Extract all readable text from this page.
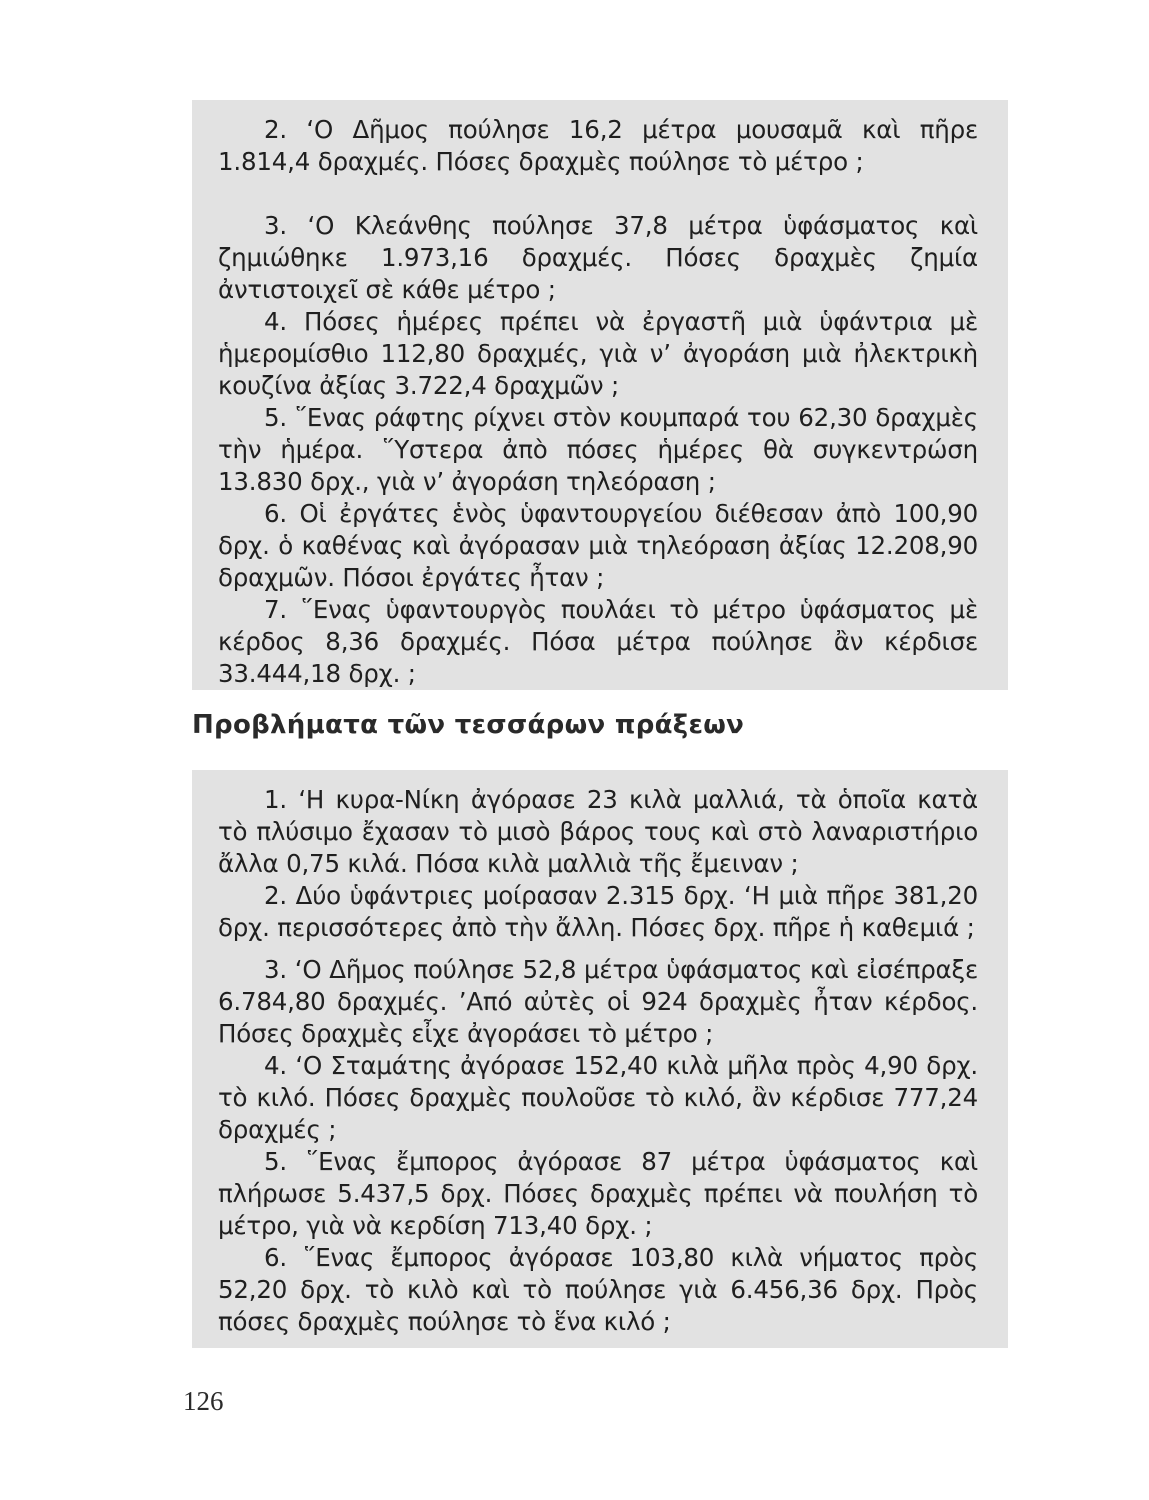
2. ‘Ο Δῆμος πούλησε 16,2 μέτρα μουσαμᾶ καὶ πῆρε 1.814,4 δραχμές. Πόσες δραχμὲς πούλησε τὸ μέτρο ;

3. ‘Ο Κλεάνθης πούλησε 37,8 μέτρα ὑφάσματος καὶ ζημιώθηκε 1.973,16 δραχμές. Πόσες δραχμὲς ζημία ἀντιστοιχεῖ σὲ κάθε μέτρο ;

4. Πόσες ἡμέρες πρέπει νὰ ἐργαστῆ μιὰ ὑφάντρια μὲ ἡμερομίσθιο 112,80 δραχμές, γιὰ ν’ ἀγοράση μιὰ ἠλεκτρικὴ κουζίνα ἀξίας 3.722,4 δραχμῶν ;

5. ῞Ενας ράφτης ρίχνει στὸν κουμπαρά του 62,30 δραχμὲς τὴν ἡμέρα. ῞Υστερα ἀπὸ πόσες ἡμέρες θὰ συγκεντρώση 13.830 δρχ., γιὰ ν’ ἀγοράση τηλεόραση ;

6. Οἱ ἐργάτες ἑνὸς ὑφαντουργείου διέθεσαν ἀπὸ 100,90 δρχ. ὁ καθένας καὶ ἀγόρασαν μιὰ τηλεόραση ἀξίας 12.208,90 δραχμῶν. Πόσοι ἐργάτες ἦταν ;

7. ῞Ενας ὑφαντουργὸς πουλάει τὸ μέτρο ὑφάσματος μὲ κέρδος 8,36 δραχμές. Πόσα μέτρα πούλησε ἂν κέρδισε 33.444,18 δρχ. ;

Προβλήματα τῶν τεσσάρων πράξεων

1. ‘Η κυρα-Νίκη ἀγόρασε 23 κιλὰ μαλλιά, τὰ ὁποῖα κατὰ τὸ πλύσιμο ἔχασαν τὸ μισὸ βάρος τους καὶ στὸ λαναριστήριο ἄλλα 0,75 κιλά. Πόσα κιλὰ μαλλιὰ τῆς ἔμειναν ;

2. Δύο ὑφάντριες μοίρασαν 2.315 δρχ. ‘Η μιὰ πῆρε 381,20 δρχ. περισσότερες ἀπὸ τὴν ἄλλη. Πόσες δρχ. πῆρε ἡ καθεμιά ;

3. ‘Ο Δῆμος πούλησε 52,8 μέτρα ὑφάσματος καὶ εἰσέπραξε 6.784,80 δραχμές. ’Από αὐτὲς οἱ 924 δραχμὲς ἦταν κέρδος. Πόσες δραχμὲς εἶχε ἀγοράσει τὸ μέτρο ;

4. ‘Ο Σταμάτης ἀγόρασε 152,40 κιλὰ μῆλα πρὸς 4,90 δρχ. τὸ κιλό. Πόσες δραχμὲς πουλοῦσε τὸ κιλό, ἂν κέρδισε 777,24 δραχμές ;

5. ῞Ενας ἔμπορος ἀγόρασε 87 μέτρα ὑφάσματος καὶ πλήρωσε 5.437,5 δρχ. Πόσες δραχμὲς πρέπει νὰ πουλήση τὸ μέτρο, γιὰ νὰ κερδίση 713,40 δρχ. ;

6. ῞Ενας ἔμπορος ἀγόρασε 103,80 κιλὰ νήματος πρὸς 52,20 δρχ. τὸ κιλὸ καὶ τὸ πούλησε γιὰ 6.456,36 δρχ. Πρὸς πόσες δραχμὲς πούλησε τὸ ἕνα κιλό ;

126
